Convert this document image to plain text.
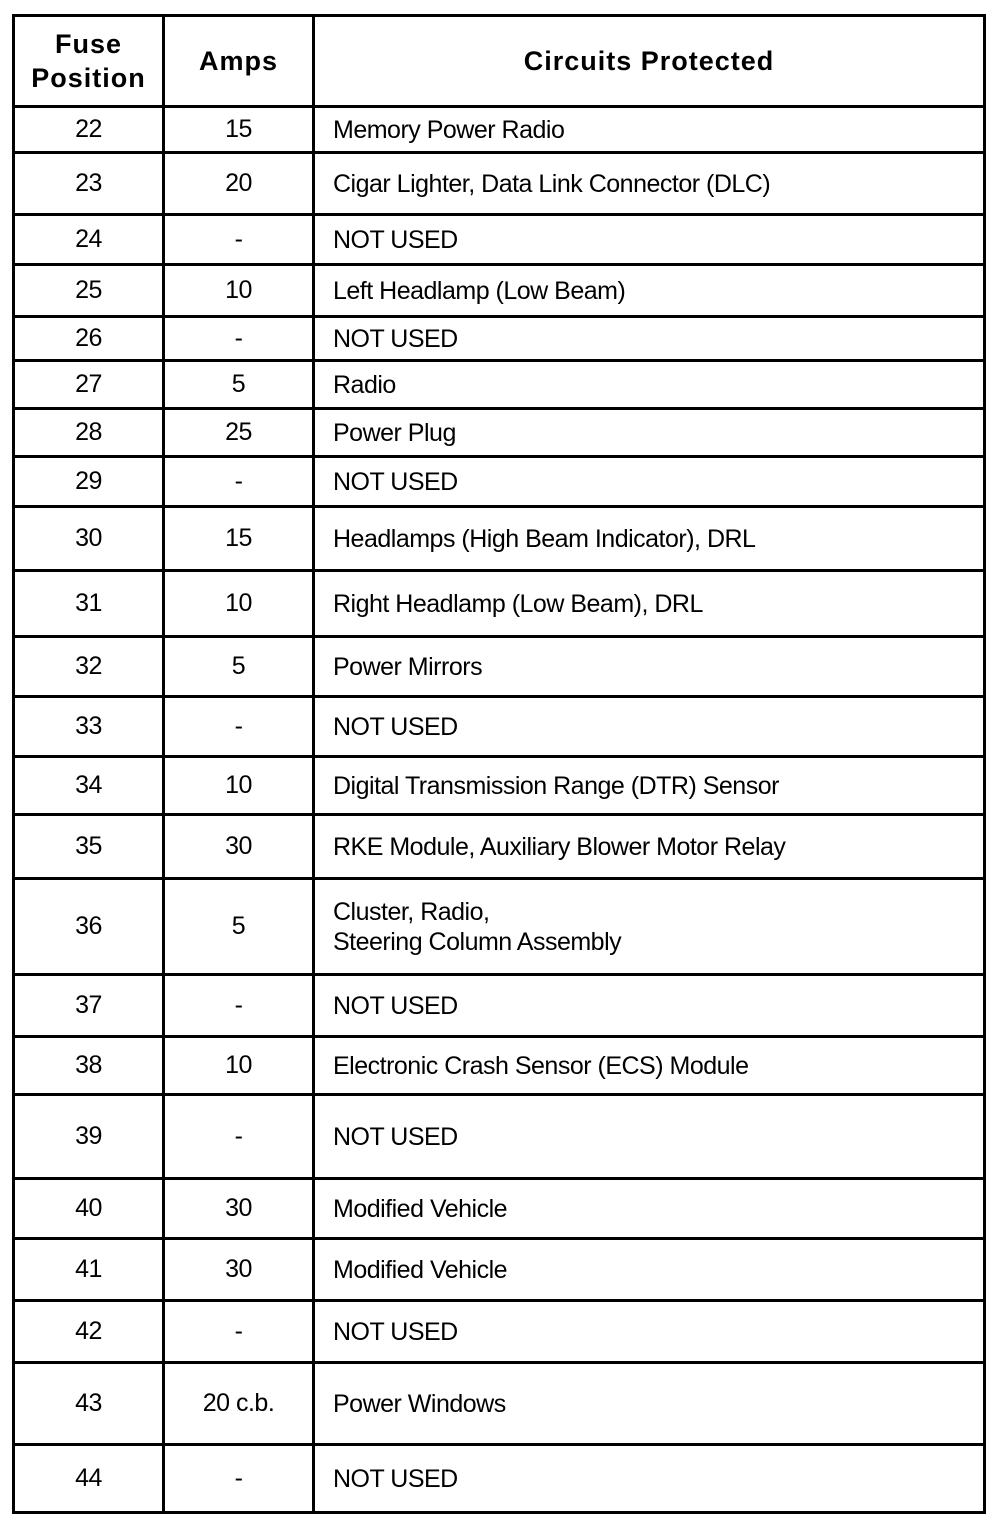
Fuse
Position	Amps	Circuits Protected
22	15	Memory Power Radio

23	20	Cigar Lighter, Data Link Connector (DLC)

24	-	NOT USED

25	10	Left Headlamp (Low Beam)

26	-	NOT USED

27	5	Radio

28	25	Power Plug

29	-	NOT USED

30	15	Headlamps (High Beam Indicator), DRL

31	10	Right Headlamp (Low Beam), DRL

32	5	Power Mirrors

33	-	NOT USED

34	10	Digital Transmission Range (DTR) Sensor

35	30	RKE Module, Auxiliary Blower Motor Relay

36	5	Cluster, Radio,
Steering Column Assembly

37	-	NOT USED

38	10	Electronic Crash Sensor (ECS) Module

39	-	NOT USED

40	30	Modified Vehicle

41	30	Modified Vehicle

42	-	NOT USED

43	20 c.b.	Power Windows

44	-	NOT USED
